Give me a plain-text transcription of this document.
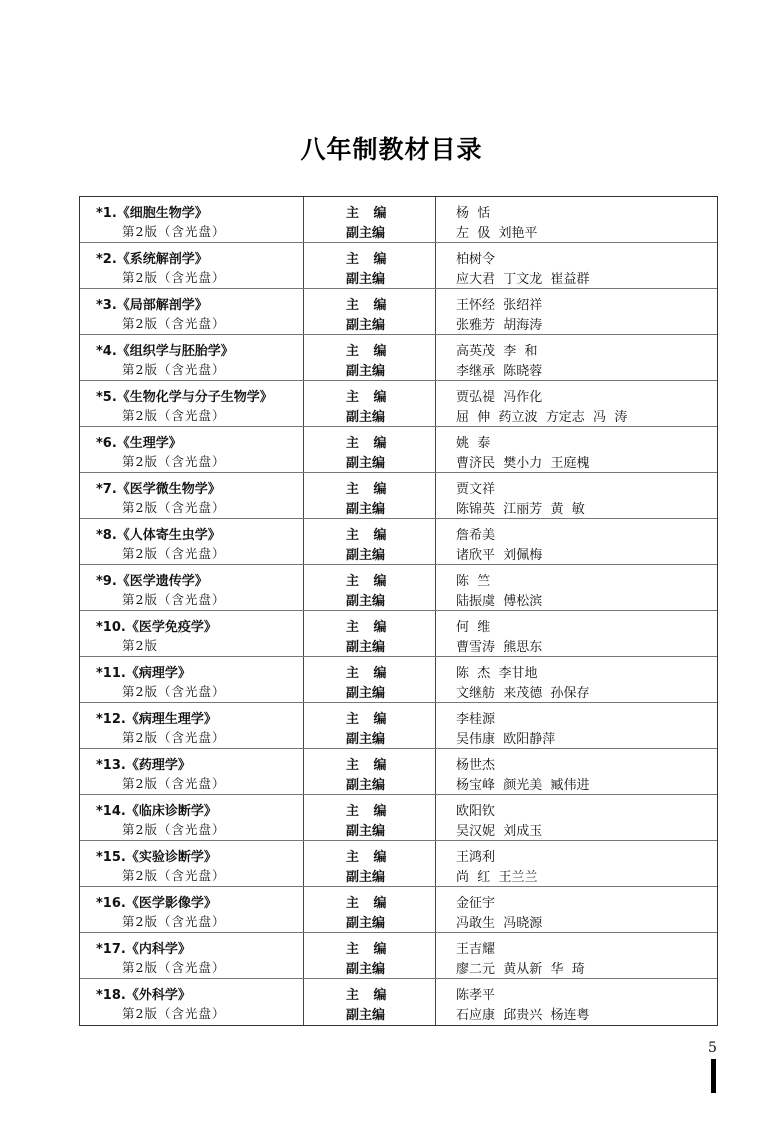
八年制教材目录
*1.《细胞生物学》
第2版（含光盘）
主 编
副主编
杨  恬
左  伋  刘艳平
*2.《系统解剖学》
第2版（含光盘）
主 编
副主编
柏树令
应大君  丁文龙  崔益群
*3.《局部解剖学》
第2版（含光盘）
主 编
副主编
王怀经  张绍祥
张雅芳  胡海涛
*4.《组织学与胚胎学》
第2版（含光盘）
主 编
副主编
高英茂  李  和
李继承  陈晓蓉
*5.《生物化学与分子生物学》
第2版（含光盘）
主 编
副主编
贾弘禔  冯作化
屈  伸  药立波  方定志  冯  涛
*6.《生理学》
第2版（含光盘）
主 编
副主编
姚  泰
曹济民  樊小力  王庭槐
*7.《医学微生物学》
第2版（含光盘）
主 编
副主编
贾文祥
陈锦英  江丽芳  黄  敏
*8.《人体寄生虫学》
第2版（含光盘）
主 编
副主编
詹希美
诸欣平  刘佩梅
*9.《医学遗传学》
第2版（含光盘）
主 编
副主编
陈  竺
陆振虞  傅松滨
*10.《医学免疫学》
第2版
主 编
副主编
何  维
曹雪涛  熊思东
*11.《病理学》
第2版（含光盘）
主 编
副主编
陈  杰  李甘地
文继舫  来茂德  孙保存
*12.《病理生理学》
第2版（含光盘）
主 编
副主编
李桂源
吴伟康  欧阳静萍
*13.《药理学》
第2版（含光盘）
主 编
副主编
杨世杰
杨宝峰  颜光美  臧伟进
*14.《临床诊断学》
第2版（含光盘）
主 编
副主编
欧阳钦
吴汉妮  刘成玉
*15.《实验诊断学》
第2版（含光盘）
主 编
副主编
王鸿利
尚  红  王兰兰
*16.《医学影像学》
第2版（含光盘）
主 编
副主编
金征宇
冯敢生  冯晓源
*17.《内科学》
第2版（含光盘）
主 编
副主编
王吉耀
廖二元  黄从新  华  琦
*18.《外科学》
第2版（含光盘）
主 编
副主编
陈孝平
石应康  邱贵兴  杨连粤
5
